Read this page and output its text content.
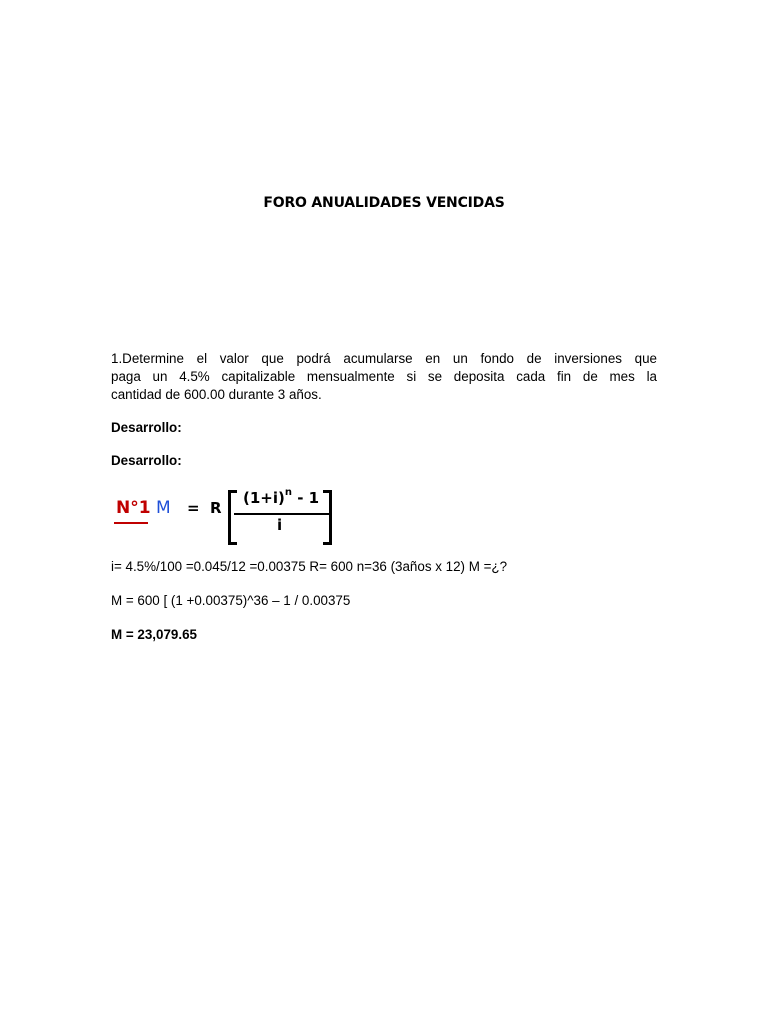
FORO ANUALIDADES VENCIDAS
1.Determine el valor que podrá acumularse en un fondo de inversiones que
paga un 4.5% capitalizable mensualmente si se deposita cada fin de mes la
cantidad de 600.00 durante 3 años.
Desarrollo:
Desarrollo:
N°1 M = R
$(1+i)^n - 1$
i
i= 4.5%/100 =0.045/12 =0.00375 R= 600 n=36 (3años x 12) M =¿?
M = 600 [ (1 +0.00375)^36 – 1 / 0.00375
M = 23,079.65
